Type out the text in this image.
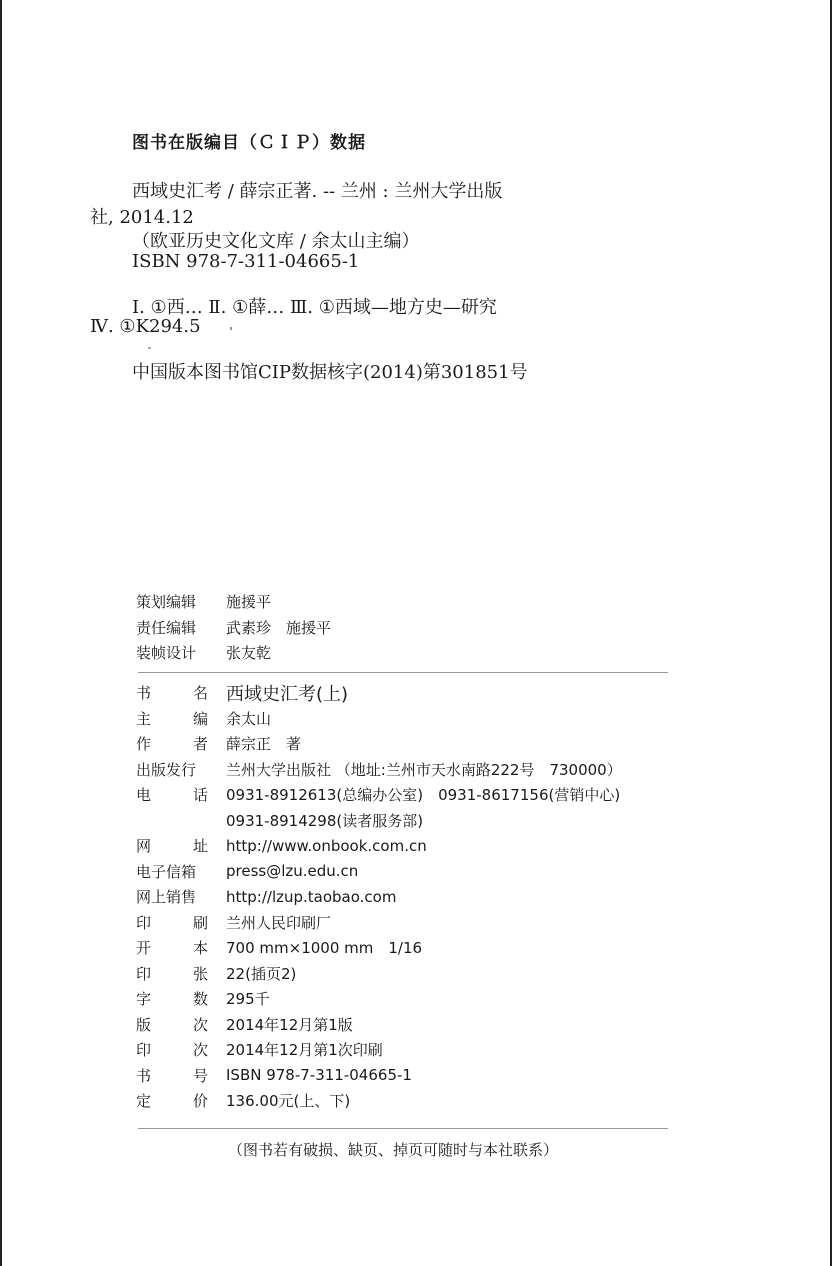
图书在版编目（ＣＩＰ）数据
西域史汇考 / 薛宗正著. -- 兰州 : 兰州大学出版
社, 2014.12
（欧亚历史文化文库 / 余太山主编）
ISBN 978-7-311-04665-1
Ⅰ. ①西… Ⅱ. ①薛… Ⅲ. ①西域—地方史—研究
Ⅳ. ①K294.5
中国版本图书馆CIP数据核字(2014)第301851号
策划编辑 施援平
责任编辑 武素珍　施援平
装帧设计 张友乾
书	名 西域史汇考(上)
主	编 余太山
作	者 薛宗正　著
出版发行	兰州大学出版社 （地址:兰州市天水南路222号　730000）
电	话 0931-8912613(总编办公室)　0931-8617156(营销中心)
0931-8914298(读者服务部)
网	址 http://www.onbook.com.cn
电子信箱	press@lzu.edu.cn
网上销售	http://lzup.taobao.com
印	刷 兰州人民印刷厂
开	本 700 mm×1000 mm　1/16
印	张 22(插页2)
字	数 295千
版	次 2014年12月第1版
印	次 2014年12月第1次印刷
书	号 ISBN 978-7-311-04665-1
定	价 136.00元(上、下)
（图书若有破损、缺页、掉页可随时与本社联系）
